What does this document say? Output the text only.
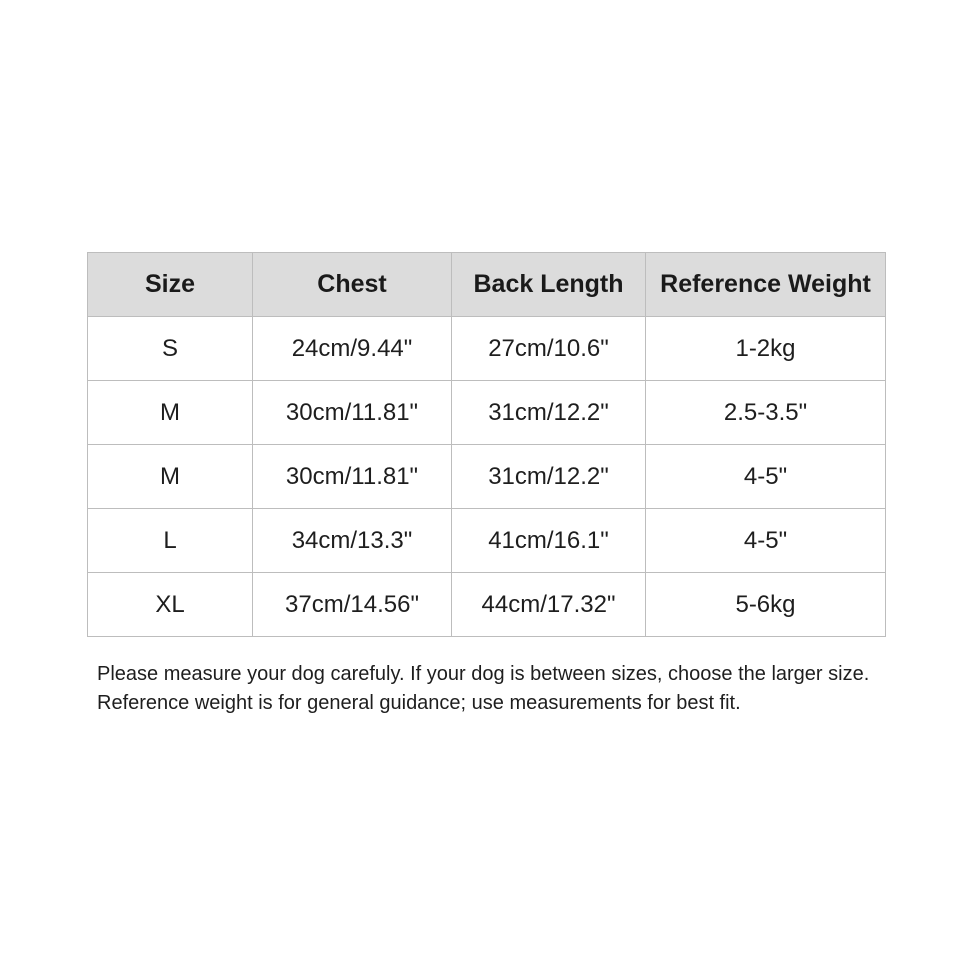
Size	Chest	Back Length	Reference Weight
S	24cm/9.44"	27cm/10.6"	1-2kg
M	30cm/11.81"	31cm/12.2"	2.5-3.5"
M	30cm/11.81"	31cm/12.2"	4-5"
L	34cm/13.3"	41cm/16.1"	4-5"
XL	37cm/14.56"	44cm/17.32"	5-6kg
Please measure your dog carefuly. If your dog is between sizes, choose the larger size.
Reference weight is for general guidance; use measurements for best fit.
